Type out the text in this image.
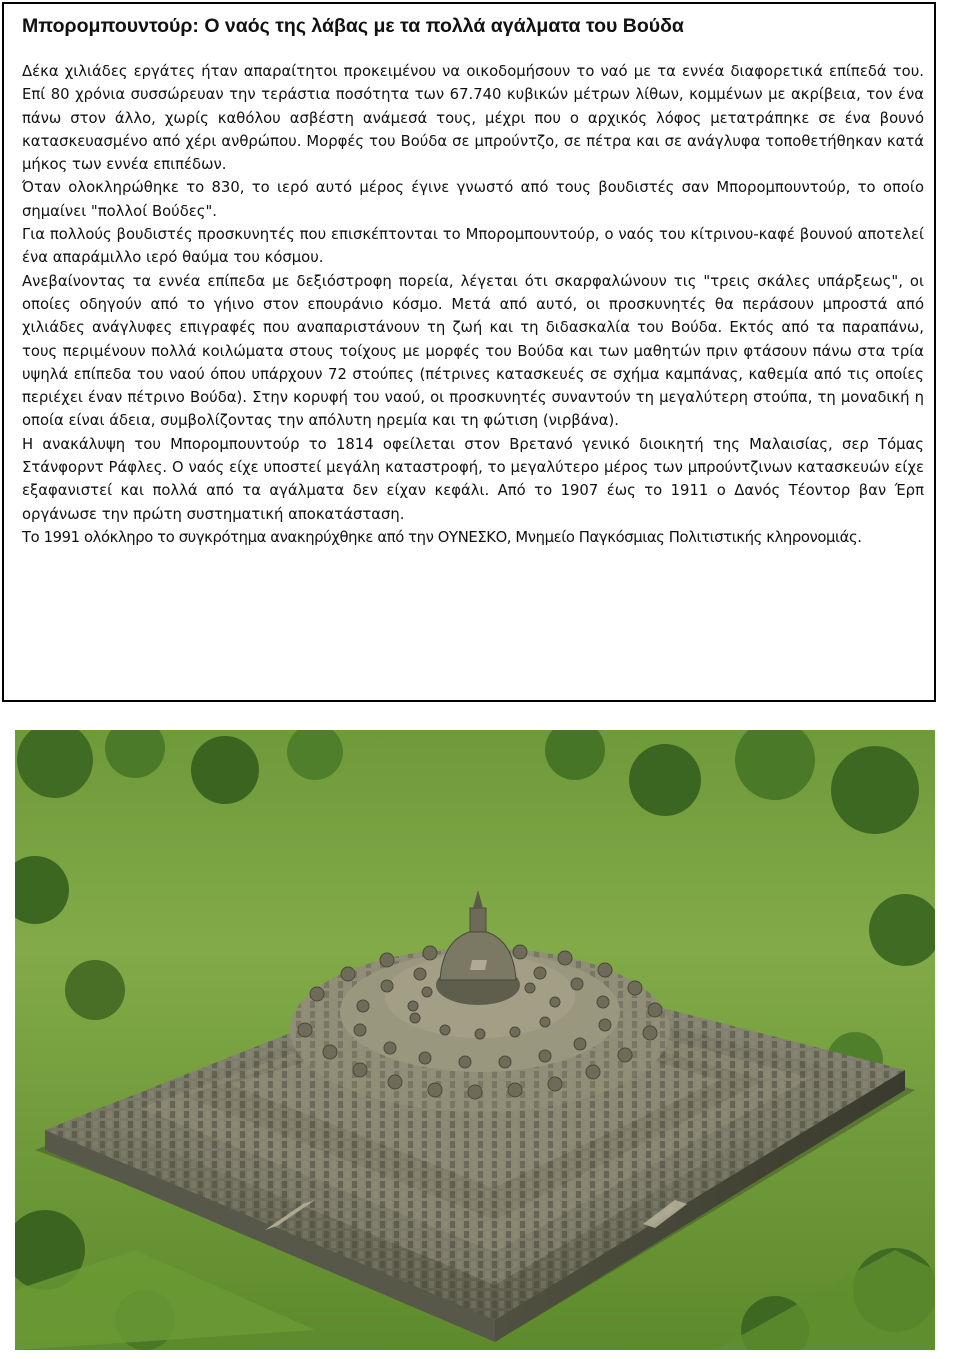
Μπορομπουντούρ: Ο ναός της λάβας με τα πολλά αγάλματα του Βούδα

Δέκα χιλιάδες εργάτες ήταν απαραίτητοι προκειμένου να οικοδομήσουν το ναό με τα εννέα διαφορετικά επίπεδά του. Επί 80 χρόνια συσσώρευαν την τεράστια ποσότητα των 67.740 κυβικών μέτρων λίθων, κομμένων με ακρίβεια, τον ένα πάνω στον άλλο, χωρίς καθόλου ασβέστη ανάμεσά τους, μέχρι που ο αρχικός λόφος μετατράπηκε σε ένα βουνό κατασκευασμένο από χέρι ανθρώπου. Μορφές του Βούδα σε μπρούντζο, σε πέτρα και σε ανάγλυφα τοποθετήθηκαν κατά μήκος των εννέα επιπέδων.

Όταν ολοκληρώθηκε το 830, το ιερό αυτό μέρος έγινε γνωστό από τους βουδιστές σαν Μπορομπουντούρ, το οποίο σημαίνει "πολλοί Βούδες".

Για πολλούς βουδιστές προσκυνητές που επισκέπτονται το Μπορομπουντούρ, ο ναός του κίτρινου-καφέ βουνού αποτελεί ένα απαράμιλλο ιερό θαύμα του κόσμου.

Ανεβαίνοντας τα εννέα επίπεδα με δεξιόστροφη πορεία, λέγεται ότι σκαρφαλώνουν τις "τρεις σκάλες υπάρξεως", οι οποίες οδηγούν από το γήινο στον επουράνιο κόσμο. Μετά από αυτό, οι προσκυνητές θα περάσουν μπροστά από χιλιάδες ανάγλυφες επιγραφές που αναπαριστάνουν τη ζωή και τη διδασκαλία του Βούδα. Εκτός από τα παραπάνω, τους περιμένουν πολλά κοιλώματα στους τοίχους με μορφές του Βούδα και των μαθητών πριν φτάσουν πάνω στα τρία υψηλά επίπεδα του ναού όπου υπάρχουν 72 στούπες (πέτρινες κατασκευές σε σχήμα καμπάνας, καθεμία από τις οποίες περιέχει έναν πέτρινο Βούδα). Στην κορυφή του ναού, οι προσκυνητές συναντούν τη μεγαλύτερη στούπα, τη μοναδική η οποία είναι άδεια, συμβολίζοντας την απόλυτη ηρεμία και τη φώτιση (νιρβάνα).

Η ανακάλυψη του Μπορομπουντούρ το 1814 οφείλεται στον Βρετανό γενικό διοικητή της Μαλαισίας, σερ Τόμας Στάνφορντ Ράφλες. Ο ναός είχε υποστεί μεγάλη καταστροφή, το μεγαλύτερο μέρος των μπρούντζινων κατασκευών είχε εξαφανιστεί και πολλά από τα αγάλματα δεν είχαν κεφάλι. Από το 1907 έως το 1911 ο Δανός Τέοντορ βαν Έρπ οργάνωσε την πρώτη συστηματική αποκατάσταση.

Το 1991 ολόκληρο το συγκρότημα ανακηρύχθηκε από την ΟΥΝΕΣΚΟ, Μνημείο Παγκόσμιας Πολιτιστικής κληρονομιάς.
